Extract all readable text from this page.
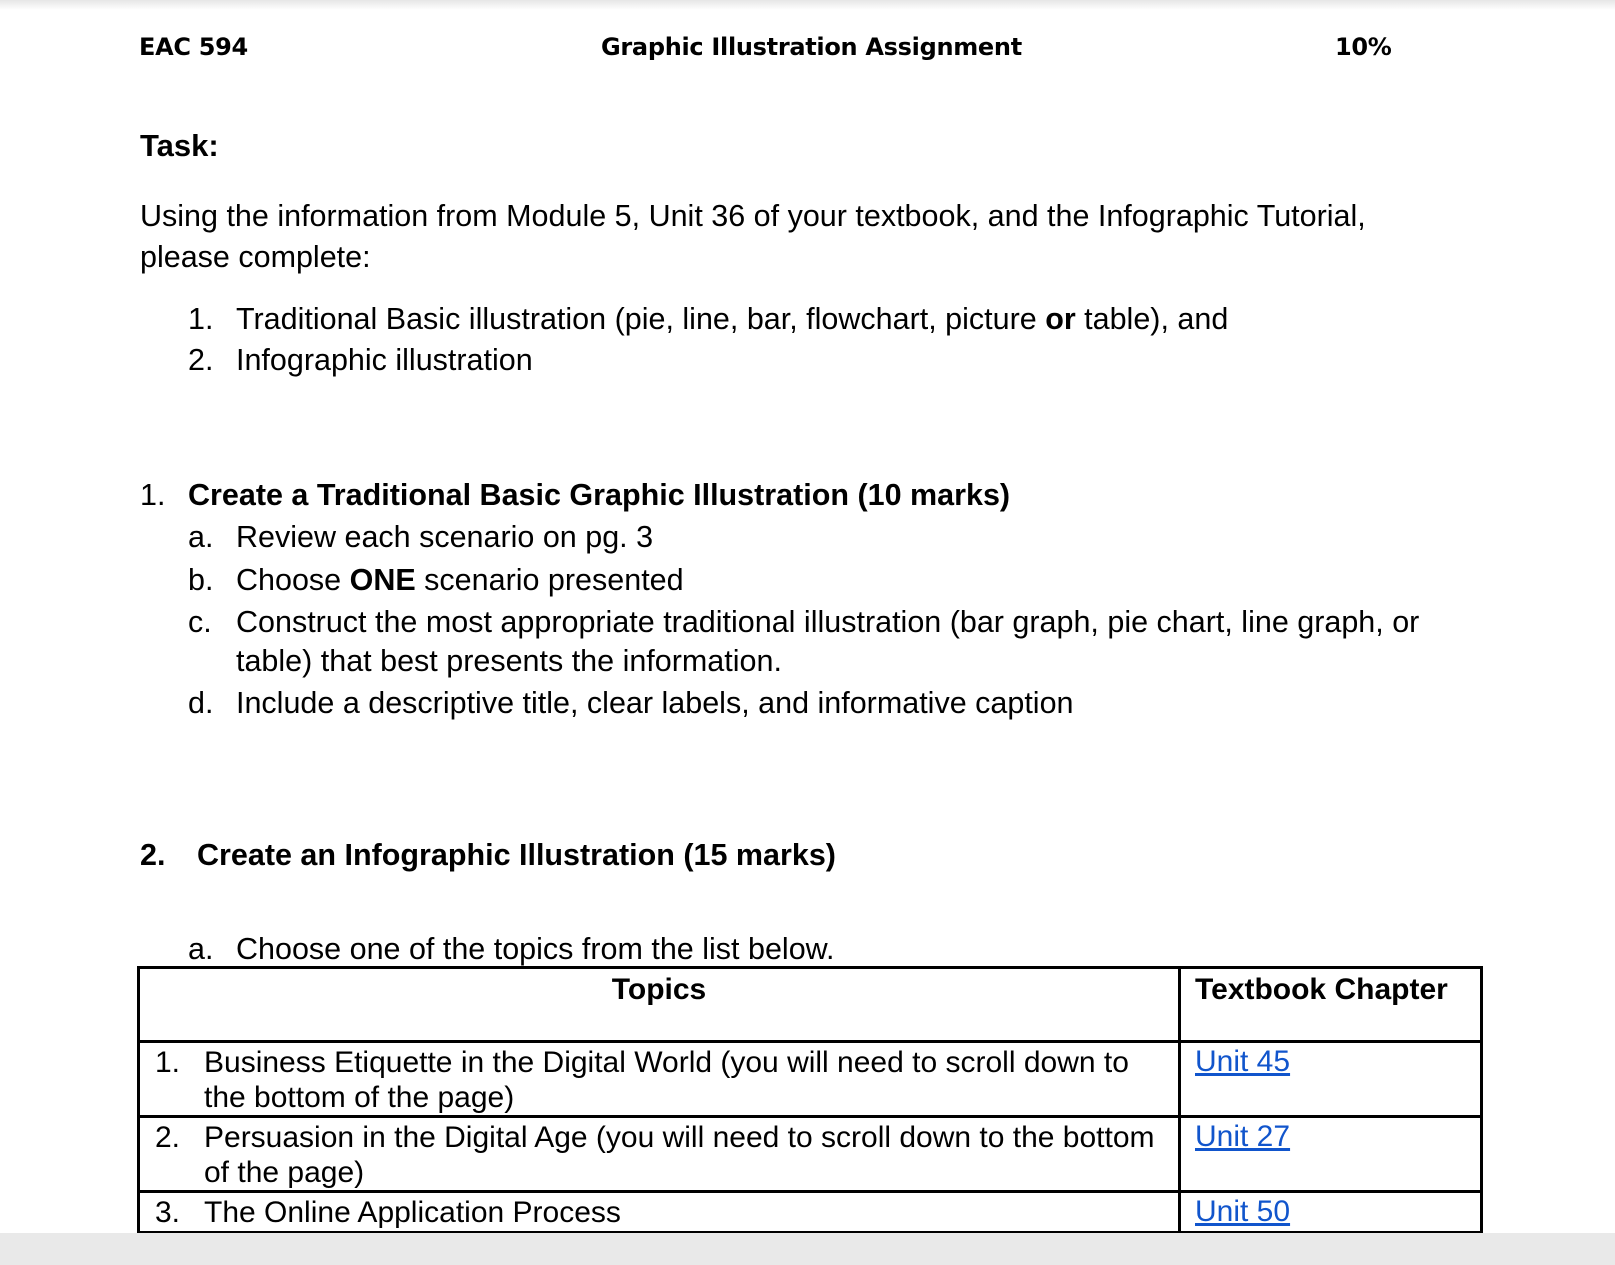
EAC 594	Graphic Illustration Assignment	10%
Task:
Using the information from Module 5, Unit 36 of your textbook, and the Infographic Tutorial,
please complete:
1. Traditional Basic illustration (pie, line, bar, flowchart, picture or table), and
2. Infographic illustration
1. Create a Traditional Basic Graphic Illustration (10 marks)
a. Review each scenario on pg. 3
b. Choose ONE scenario presented
c. Construct the most appropriate traditional illustration (bar graph, pie chart, line graph, or
table) that best presents the information.
d. Include a descriptive title, clear labels, and informative caption
2. Create an Infographic Illustration (15 marks)
a. Choose one of the topics from the list below.
Topics	Textbook Chapter

1. Business Etiquette in the Digital World (you will need to scroll down to the bottom of the page)	Unit 45

2. Persuasion in the Digital Age (you will need to scroll down to the bottom of the page)	Unit 27

3. The Online Application Process	Unit 50
